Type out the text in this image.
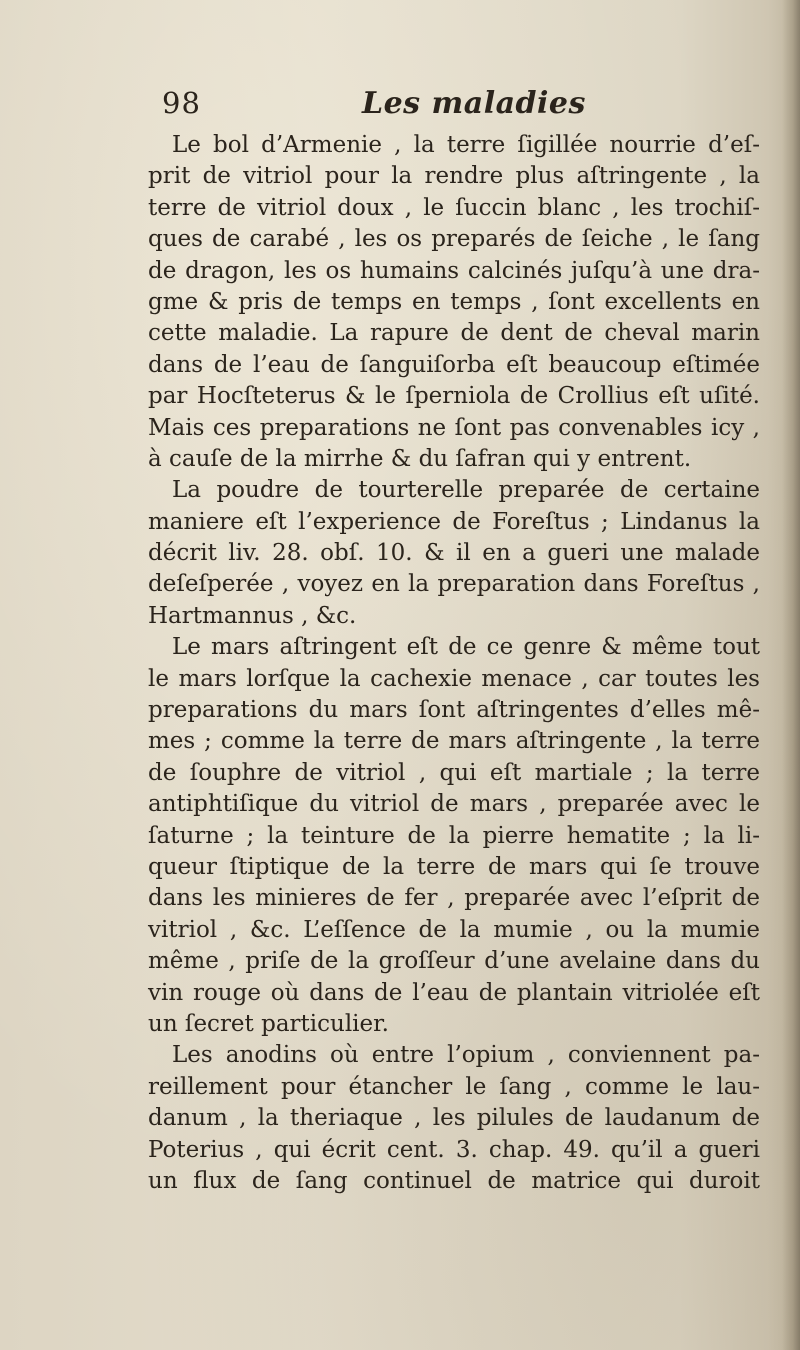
98	Les maladies

Le bol d’Armenie , la terre ſigillée nourrie d’eſ-
prit de vitriol pour la rendre plus aſtringente , la
terre de vitriol doux , le ſuccin blanc , les trochiſ-
ques de carabé , les os preparés de ſeiche , le ſang
de dragon, les os humains calcinés juſqu’à une dra-
gme & pris de temps en temps , ſont excellents en
cette maladie. La rapure de dent de cheval marin
dans de l’eau de ſanguiſorba eſt beaucoup eſtimée
par Hocſteterus & le ſperniola de Crollius eſt uſité.
Mais ces preparations ne ſont pas convenables icy ,
à cauſe de la mirrhe & du ſafran qui y entrent.

La poudre de tourterelle preparée de certaine
maniere eſt l’experience de Foreſtus ; Lindanus la
décrit liv. 28. obſ. 10. & il en a gueri une malade
deſeſperée , voyez en la preparation dans Foreſtus ,
Hartmannus , &c.

Le mars aſtringent eſt de ce genre & même tout
le mars lorſque la cachexie menace , car toutes les
preparations du mars ſont aſtringentes d’elles mê-
mes ; comme la terre de mars aſtringente , la terre
de ſouphre de vitriol , qui eſt martiale ; la terre
antiphtiſique du vitriol de mars , preparée avec le
ſaturne ; la teinture de la pierre hematite ; la li-
queur ſtiptique de la terre de mars qui ſe trouve
dans les minieres de fer , preparée avec l’eſprit de
vitriol , &c. L’eſſence de la mumie , ou la mumie
même , priſe de la groſſeur d’une avelaine dans du
vin rouge où dans de l’eau de plantain vitriolée eſt
un ſecret particulier.

Les anodins où entre l’opium , conviennent pa-
reillement pour étancher le ſang , comme le lau-
danum , la theriaque , les pilules de laudanum de
Poterius , qui écrit cent. 3. chap. 49. qu’il a gueri
un flux de ſang continuel de matrice qui duroit
